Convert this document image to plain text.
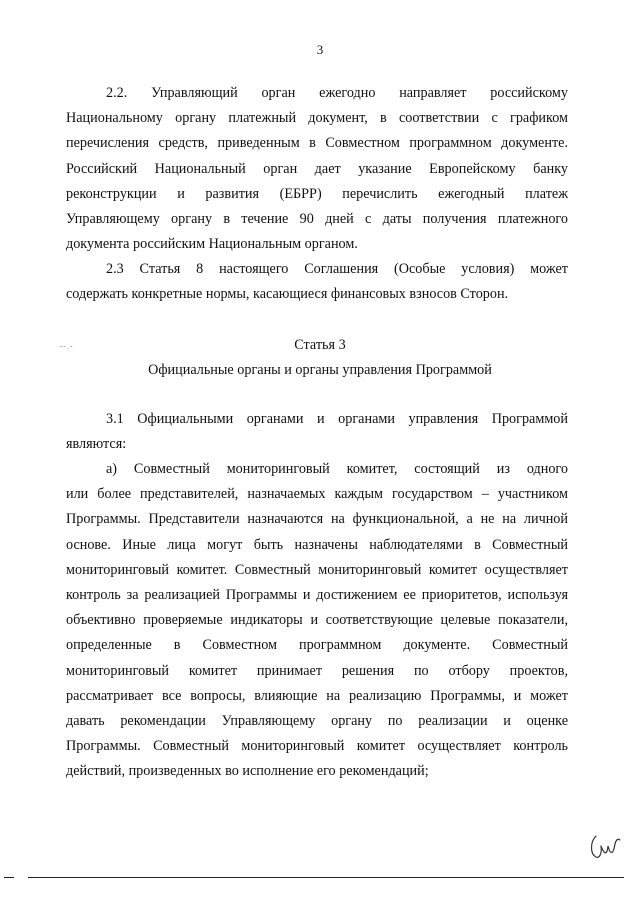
3
2.2. Управляющий орган ежегодно направляет российскому
Национальному органу платежный документ, в соответствии с графиком
перечисления средств, приведенным в Совместном программном документе.
Российский Национальный орган дает указание Европейскому банку
реконструкции и развития (ЕБРР) перечислить ежегодный платеж
Управляющему органу в течение 90 дней с даты получения платежного
документа российским Национальным органом.
2.3 Статья 8 настоящего Соглашения (Особые условия) может
содержать конкретные нормы, касающиеся финансовых взносов Сторон.
˜˜·˜	Статья 3
Официальные органы и органы управления Программой
3.1 Официальными органами и органами управления Программой
являются:
а) Совместный мониторинговый комитет, состоящий из одного
или более представителей, назначаемых каждым государством – участником
Программы. Представители назначаются на функциональной, а не на личной
основе. Иные лица могут быть назначены наблюдателями в Совместный
мониторинговый комитет. Совместный мониторинговый комитет осуществляет
контроль за реализацией Программы и достижением ее приоритетов, используя
объективно проверяемые индикаторы и соответствующие целевые показатели,
определенные в Совместном программном документе. Совместный
мониторинговый комитет принимает решения по отбору проектов,
рассматривает все вопросы, влияющие на реализацию Программы, и может
давать рекомендации Управляющему органу по реализации и оценке
Программы. Совместный мониторинговый комитет осуществляет контроль
действий, произведенных во исполнение его рекомендаций;
